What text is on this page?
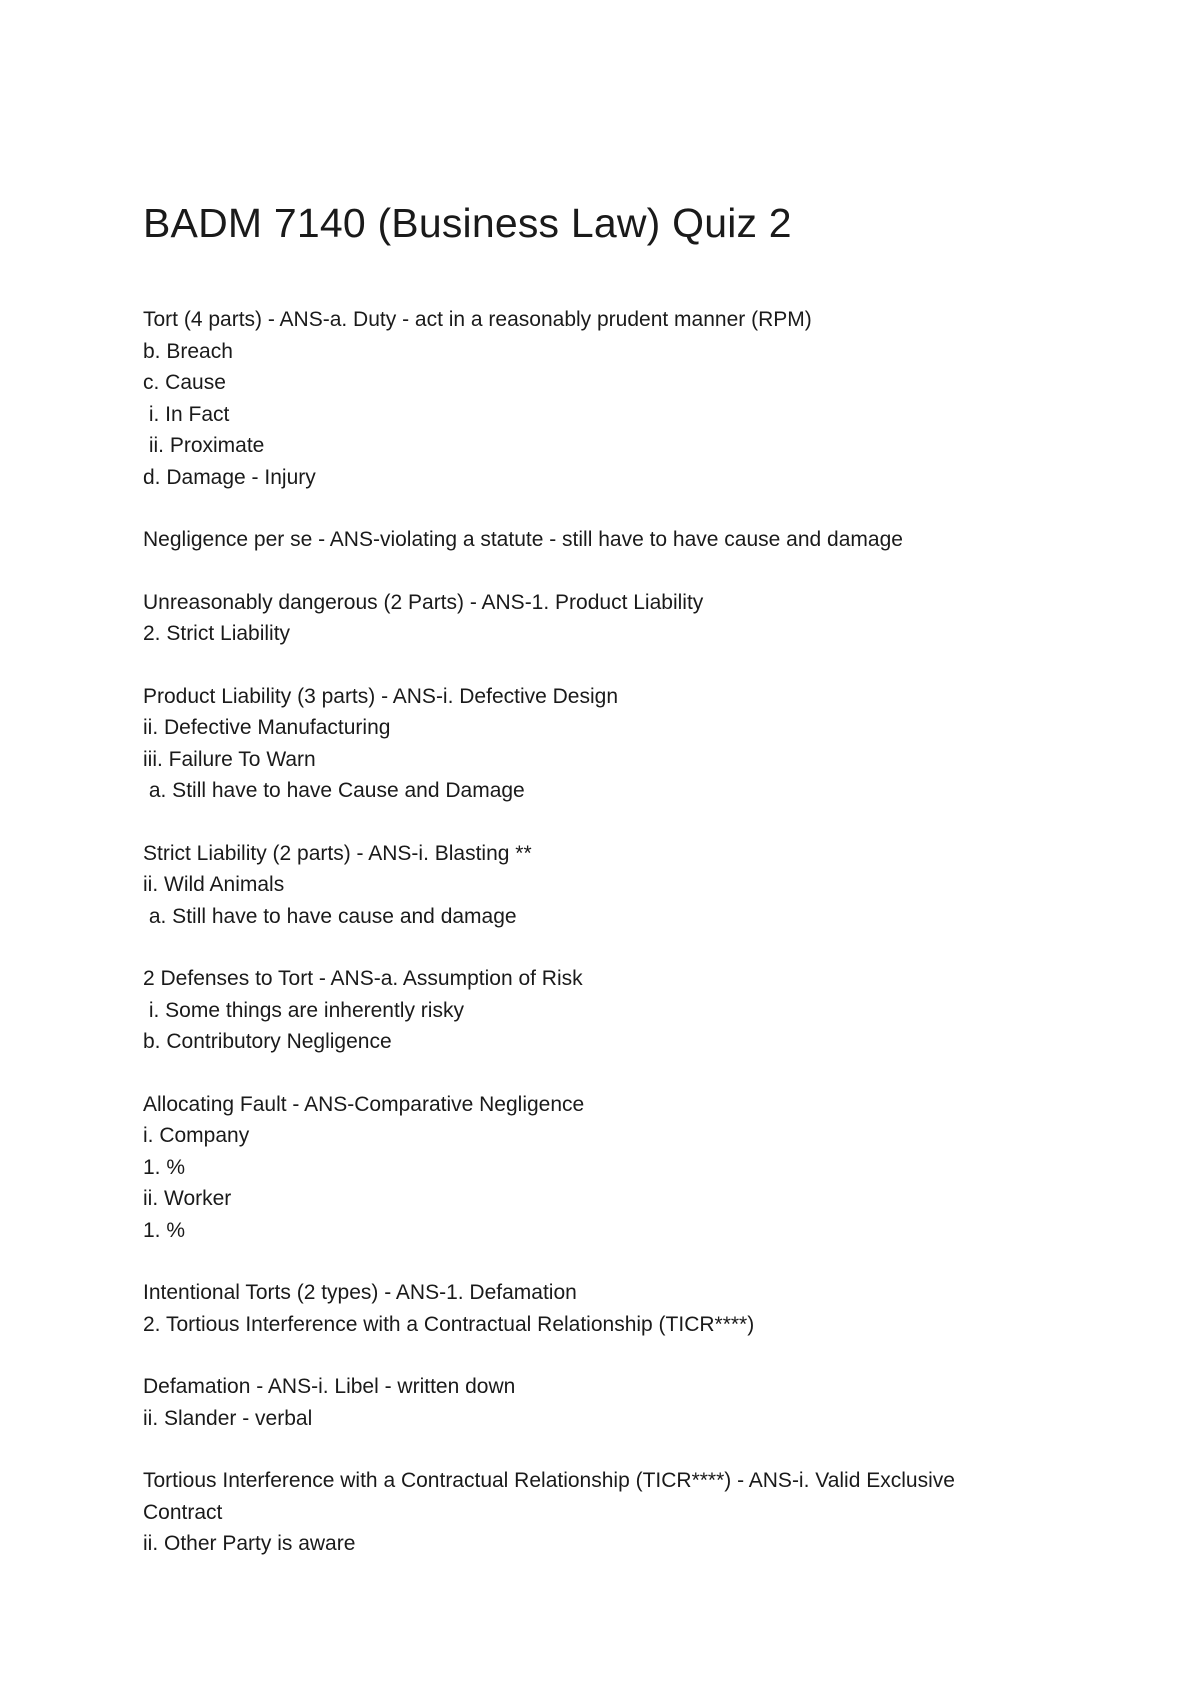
BADM 7140 (Business Law) Quiz 2
Tort (4 parts) - ANS-a. Duty - act in a reasonably prudent manner (RPM)
b. Breach
c. Cause
i. In Fact
ii. Proximate
d. Damage - Injury
Negligence per se - ANS-violating a statute - still have to have cause and damage
Unreasonably dangerous (2 Parts) - ANS-1. Product Liability
2. Strict Liability
Product Liability (3 parts) - ANS-i. Defective Design
ii. Defective Manufacturing
iii. Failure To Warn
a. Still have to have Cause and Damage
Strict Liability (2 parts) - ANS-i. Blasting **
ii. Wild Animals
a. Still have to have cause and damage
2 Defenses to Tort - ANS-a. Assumption of Risk
i. Some things are inherently risky
b. Contributory Negligence
Allocating Fault - ANS-Comparative Negligence
i. Company
1. %
ii. Worker
1. %
Intentional Torts (2 types) - ANS-1. Defamation
2. Tortious Interference with a Contractual Relationship (TICR****)
Defamation - ANS-i. Libel - written down
ii. Slander - verbal
Tortious Interference with a Contractual Relationship (TICR****) - ANS-i. Valid Exclusive
Contract
ii. Other Party is aware
